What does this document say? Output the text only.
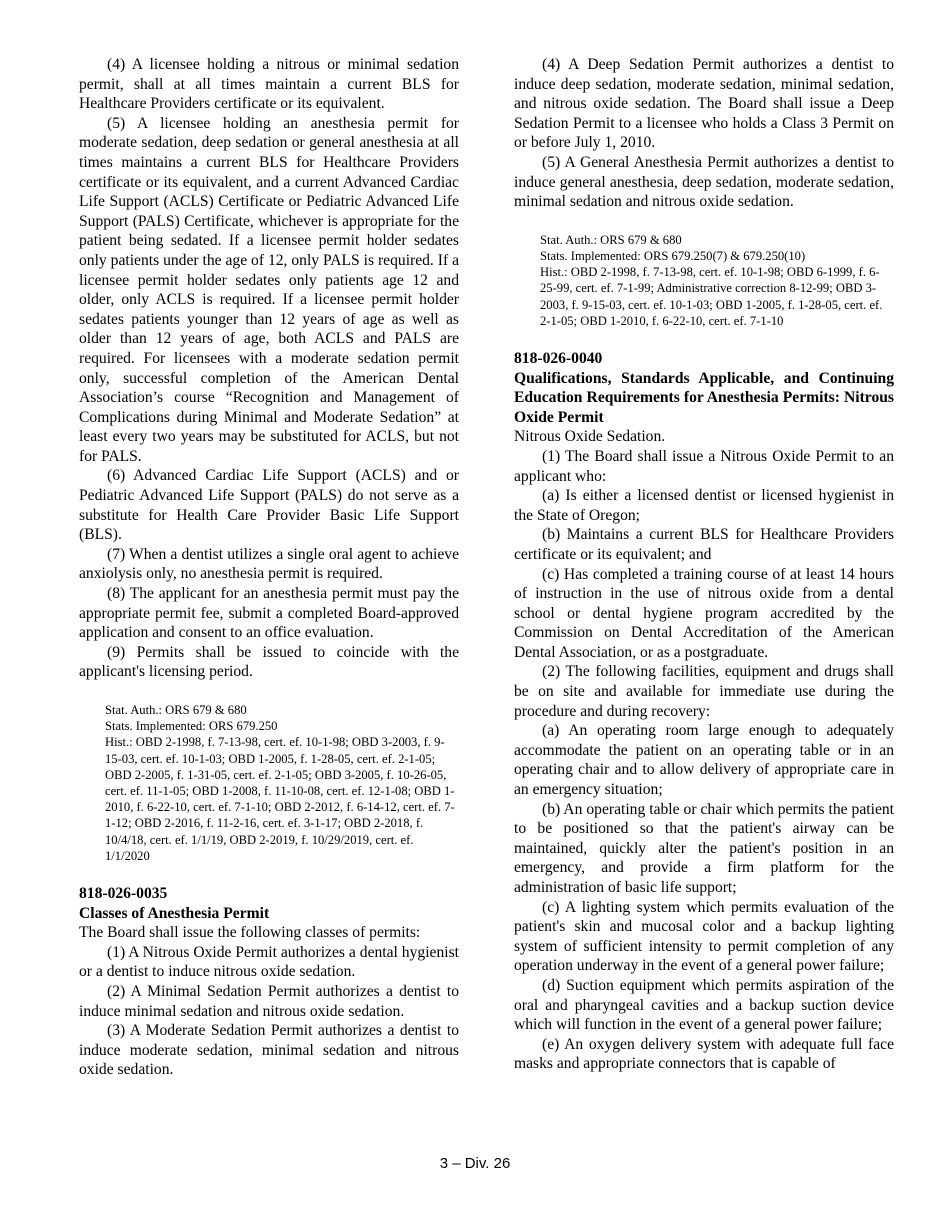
(4) A licensee holding a nitrous or minimal sedation permit, shall at all times maintain a current BLS for Healthcare Providers certificate or its equivalent.

(5) A licensee holding an anesthesia permit for moderate sedation, deep sedation or general anesthesia at all times maintains a current BLS for Healthcare Providers certificate or its equivalent, and a current Advanced Cardiac Life Support (ACLS) Certificate or Pediatric Advanced Life Support (PALS) Certificate, whichever is appropriate for the patient being sedated. If a licensee permit holder sedates only patients under the age of 12, only PALS is required. If a licensee permit holder sedates only patients age 12 and older, only ACLS is required. If a licensee permit holder sedates patients younger than 12 years of age as well as older than 12 years of age, both ACLS and PALS are required. For licensees with a moderate sedation permit only, successful completion of the American Dental Association’s course “Recognition and Management of Complications during Minimal and Moderate Sedation” at least every two years may be substituted for ACLS, but not for PALS.

(6) Advanced Cardiac Life Support (ACLS) and or Pediatric Advanced Life Support (PALS) do not serve as a substitute for Health Care Provider Basic Life Support (BLS).

(7) When a dentist utilizes a single oral agent to achieve anxiolysis only, no anesthesia permit is required.

(8) The applicant for an anesthesia permit must pay the appropriate permit fee, submit a completed Board-approved application and consent to an office evaluation.

(9) Permits shall be issued to coincide with the applicant's licensing period.

Stat. Auth.: ORS 679 & 680
Stats. Implemented: ORS 679.250
Hist.: OBD 2-1998, f. 7-13-98, cert. ef. 10-1-98; OBD 3-2003, f. 9-15-03, cert. ef. 10-1-03; OBD 1-2005, f. 1-28-05, cert. ef. 2-1-05; OBD 2-2005, f. 1-31-05, cert. ef. 2-1-05; OBD 3-2005, f. 10-26-05, cert. ef. 11-1-05; OBD 1-2008, f. 11-10-08, cert. ef. 12-1-08; OBD 1-2010, f. 6-22-10, cert. ef. 7-1-10; OBD 2-2012, f. 6-14-12, cert. ef. 7-1-12; OBD 2-2016, f. 11-2-16, cert. ef. 3-1-17; OBD 2-2018, f. 10/4/18, cert. ef. 1/1/19, OBD 2-2019, f. 10/29/2019, cert. ef. 1/1/2020

818-026-0035

Classes of Anesthesia Permit

The Board shall issue the following classes of permits:

(1) A Nitrous Oxide Permit authorizes a dental hygienist or a dentist to induce nitrous oxide sedation.

(2) A Minimal Sedation Permit authorizes a dentist to induce minimal sedation and nitrous oxide sedation.

(3) A Moderate Sedation Permit authorizes a dentist to induce moderate sedation, minimal sedation and nitrous oxide sedation.

(4) A Deep Sedation Permit authorizes a dentist to induce deep sedation, moderate sedation, minimal sedation, and nitrous oxide sedation. The Board shall issue a Deep Sedation Permit to a licensee who holds a Class 3 Permit on or before July 1, 2010.

(5) A General Anesthesia Permit authorizes a dentist to induce general anesthesia, deep sedation, moderate sedation, minimal sedation and nitrous oxide sedation.

Stat. Auth.: ORS 679 & 680
Stats. Implemented: ORS 679.250(7) & 679.250(10)
Hist.: OBD 2-1998, f. 7-13-98, cert. ef. 10-1-98; OBD 6-1999, f. 6-25-99, cert. ef. 7-1-99; Administrative correction 8-12-99; OBD 3-2003, f. 9-15-03, cert. ef. 10-1-03; OBD 1-2005, f. 1-28-05, cert. ef. 2-1-05; OBD 1-2010, f. 6-22-10, cert. ef. 7-1-10

818-026-0040

Qualifications, Standards Applicable, and Continuing Education Requirements for Anesthesia Permits: Nitrous Oxide Permit

Nitrous Oxide Sedation.

(1) The Board shall issue a Nitrous Oxide Permit to an applicant who:

(a) Is either a licensed dentist or licensed hygienist in the State of Oregon;

(b) Maintains a current BLS for Healthcare Providers certificate or its equivalent; and

(c) Has completed a training course of at least 14 hours of instruction in the use of nitrous oxide from a dental school or dental hygiene program accredited by the Commission on Dental Accreditation of the American Dental Association, or as a postgraduate.

(2) The following facilities, equipment and drugs shall be on site and available for immediate use during the procedure and during recovery:

(a) An operating room large enough to adequately accommodate the patient on an operating table or in an operating chair and to allow delivery of appropriate care in an emergency situation;

(b) An operating table or chair which permits the patient to be positioned so that the patient's airway can be maintained, quickly alter the patient's position in an emergency, and provide a firm platform for the administration of basic life support;

(c) A lighting system which permits evaluation of the patient's skin and mucosal color and a backup lighting system of sufficient intensity to permit completion of any operation underway in the event of a general power failure;

(d) Suction equipment which permits aspiration of the oral and pharyngeal cavities and a backup suction device which will function in the event of a general power failure;

(e) An oxygen delivery system with adequate full face masks and appropriate connectors that is capable of

3 – Div. 26
